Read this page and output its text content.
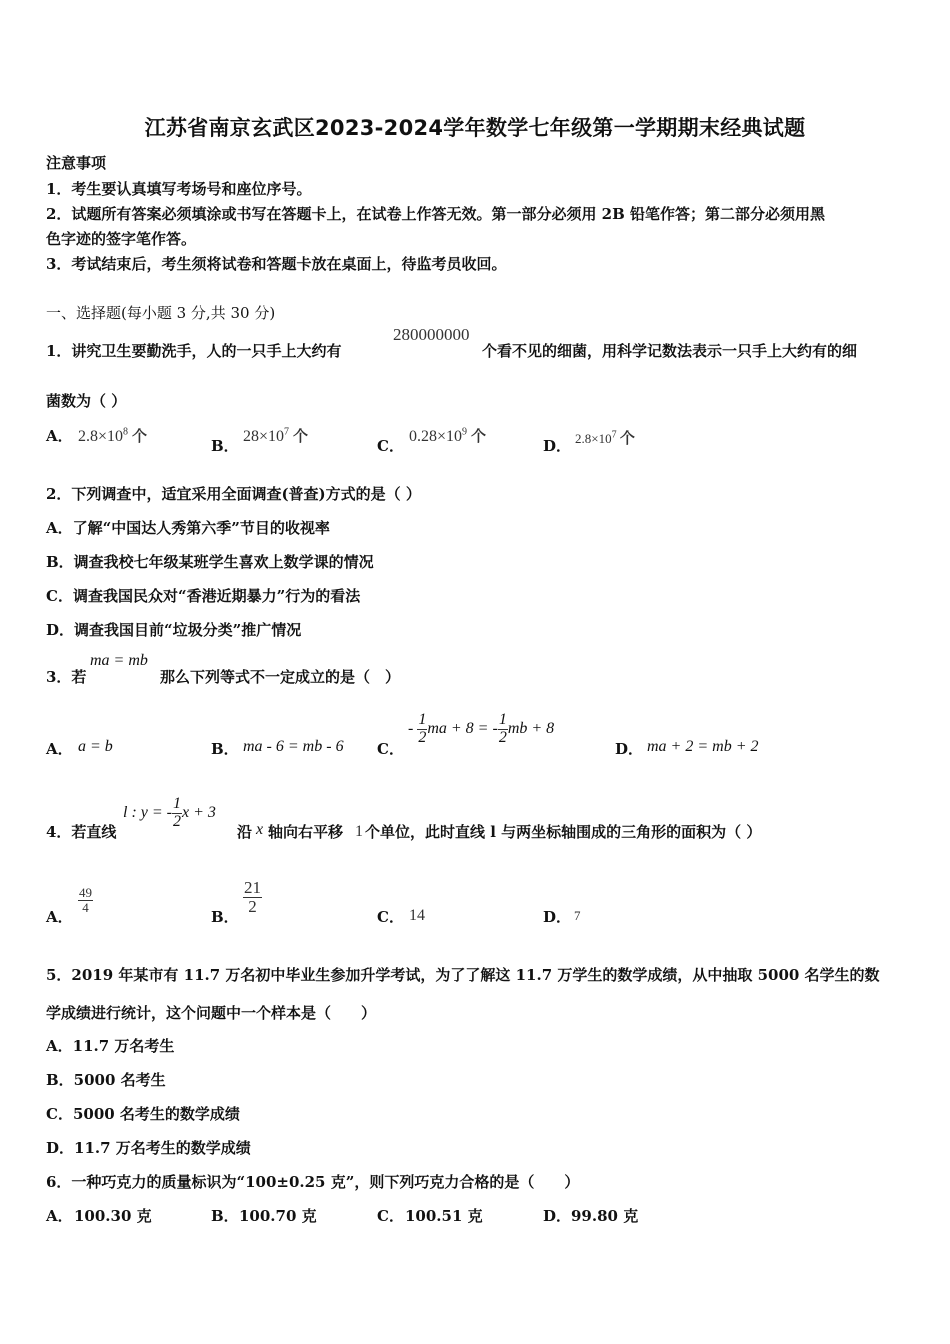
江苏省南京玄武区2023-2024学年数学七年级第一学期期末经典试题
注意事项
1．考生要认真填写考场号和座位序号。
2．试题所有答案必须填涂或书写在答题卡上，在试卷上作答无效。第一部分必须用 2B 铅笔作答；第二部分必须用黑
色字迹的签字笔作答。
3．考试结束后，考生须将试卷和答题卡放在桌面上，待监考员收回。
一、选择题(每小题 3 分,共 30 分)
1．讲究卫生要勤洗手，人的一只手上大约有
280000000
个看不见的细菌，用科学记数法表示一只手上大约有的细
菌数为（ ）
A． $2.8\times 10^8$ 个	B．
$28\times 10^7$ 个	C．
$0.28\times 10^9$ 个	D． $2.8\times 10^7$ 个
2．下列调查中，适宜采用全面调查(普查)方式的是（ ）
A．了解“中国达人秀第六季”节目的收视率
B．调查我校七年级某班学生喜欢上数学课的情况
C．调查我国民众对“香港近期暴力”行为的看法
D．调查我国目前“垃圾分类”推广情况
3．若
ma = mb
那么下列等式不一定成立的是（　）
A． a = b	B． ma - 6 = mb - 6 C．
- $\frac{1}{2}$ ma + 8 = - $\frac{1}{2}$ mb + 8
D． ma + 2 = mb + 2
4．若直线
l : y = - $\frac{1}{2}$ x + 3
沿 x 轴向右平移 1 个单位，此时直线 l 与两坐标轴围成的三角形的面积为（ ）
A．
$\frac{49}{4}$
B．
$\frac{21}{2}$
C． 14	D． 7
5．2019 年某市有 11.7 万名初中毕业生参加升学考试，为了了解这 11.7 万学生的数学成绩，从中抽取 5000 名学生的数
学成绩进行统计，这个问题中一个样本是（　　）
A．11.7 万名考生
B．5000 名考生
C．5000 名考生的数学成绩
D．11.7 万名考生的数学成绩
6．一种巧克力的质量标识为“100±0.25 克”，则下列巧克力合格的是（　　）
A． 100.30 克	B． 100.70 克	C． 100.51 克	D． 99.80 克
